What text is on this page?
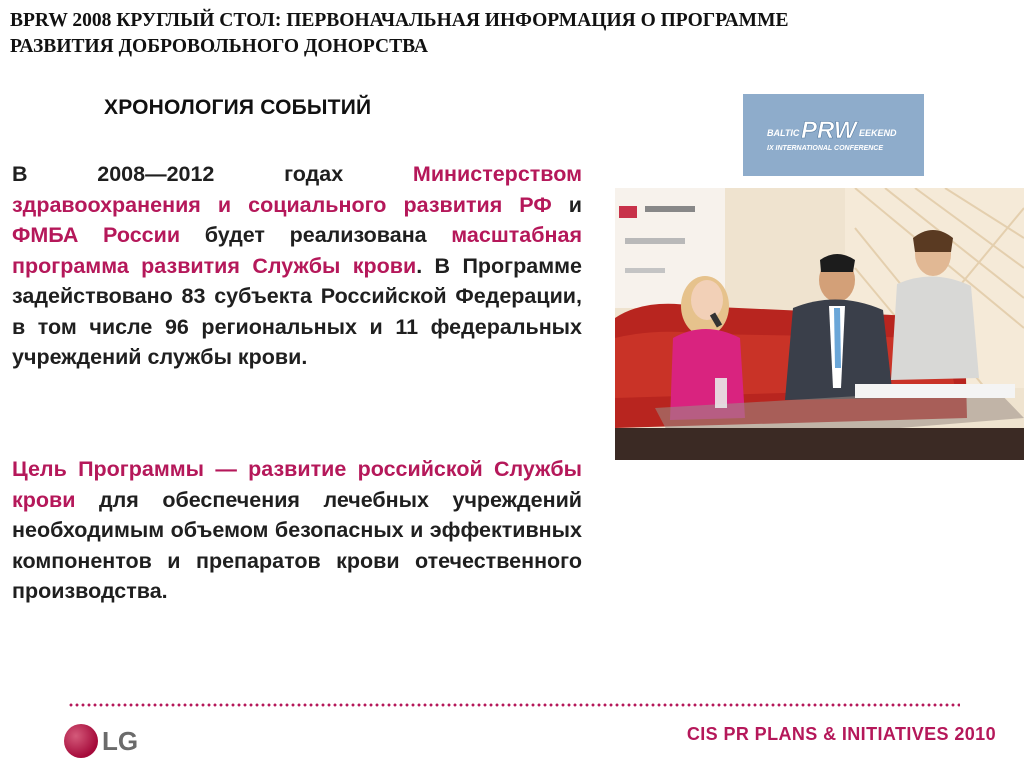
BPRW 2008 КРУГЛЫЙ СТОЛ: ПЕРВОНАЧАЛЬНАЯ ИНФОРМАЦИЯ О ПРОГРАММЕ
РАЗВИТИЯ ДОБРОВОЛЬНОГО ДОНОРСТВА
ХРОНОЛОГИЯ СОБЫТИЙ
В 2008—2012 годах Министерством здравоохранения и социального развития РФ и ФМБА России будет реализована масштабная программа развития Службы крови. В Программе задействовано 83 субъекта Российской Федерации, в том числе 96 региональных и 11 федеральных учреждений службы крови.
Цель Программы — развитие российской Службы крови для обеспечения лечебных учреждений необходимым объемом безопасных и эффективных компонентов и препаратов крови отечественного производства.
BALTIC PRW EEKEND
IX INTERNATIONAL CONFERENCE
LG	CIS PR PLANS & INITIATIVES 2010
